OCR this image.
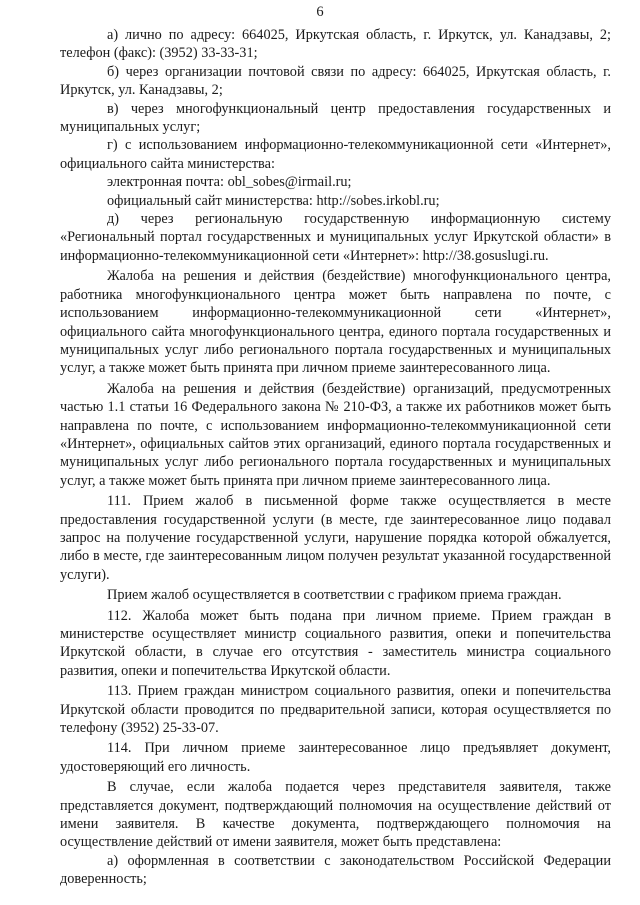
6

а) лично по адресу: 664025, Иркутская область, г. Иркутск, ул. Канадзавы, 2; телефон (факс): (3952) 33-33-31;

б) через организации почтовой связи по адресу: 664025, Иркутская область, г. Иркутск, ул. Канадзавы, 2;

в) через многофункциональный центр предоставления государственных и муниципальных услуг;

г) с использованием информационно-телекоммуникационной сети «Интернет», официального сайта министерства:

электронная почта: obl_sobes@irmail.ru;

официальный сайт министерства: http://sobes.irkobl.ru;

д) через региональную государственную информационную систему «Региональный портал государственных и муниципальных услуг Иркутской области» в информационно-телекоммуникационной сети «Интернет»: http://38.gosuslugi.ru.

Жалоба на решения и действия (бездействие) многофункционального центра, работника многофункционального центра может быть направлена по почте, с использованием информационно-телекоммуникационной сети «Интернет», официального сайта многофункционального центра, единого портала государственных и муниципальных услуг либо регионального портала государственных и муниципальных услуг, а также может быть принята при личном приеме заинтересованного лица.

Жалоба на решения и действия (бездействие) организаций, предусмотренных частью 1.1 статьи 16 Федерального закона № 210-ФЗ, а также их работников может быть направлена по почте, с использованием информационно-телекоммуникационной сети «Интернет», официальных сайтов этих организаций, единого портала государственных и муниципальных услуг либо регионального портала государственных и муниципальных услуг, а также может быть принята при личном приеме заинтересованного лица.

111. Прием жалоб в письменной форме также осуществляется в месте предоставления государственной услуги (в месте, где заинтересованное лицо подавал запрос на получение государственной услуги, нарушение порядка которой обжалуется, либо в месте, где заинтересованным лицом получен результат указанной государственной услуги).

Прием жалоб осуществляется в соответствии с графиком приема граждан.

112. Жалоба может быть подана при личном приеме. Прием граждан в министерстве осуществляет министр социального развития, опеки и попечительства Иркутской области, в случае его отсутствия - заместитель министра социального развития, опеки и попечительства Иркутской области.

113. Прием граждан министром социального развития, опеки и попечительства Иркутской области проводится по предварительной записи, которая осуществляется по телефону (3952) 25-33-07.

114. При личном приеме заинтересованное лицо предъявляет документ, удостоверяющий его личность.

В случае, если жалоба подается через представителя заявителя, также представляется документ, подтверждающий полномочия на осуществление действий от имени заявителя. В качестве документа, подтверждающего полномочия на осуществление действий от имени заявителя, может быть представлена:

а) оформленная в соответствии с законодательством Российской Федерации доверенность;
